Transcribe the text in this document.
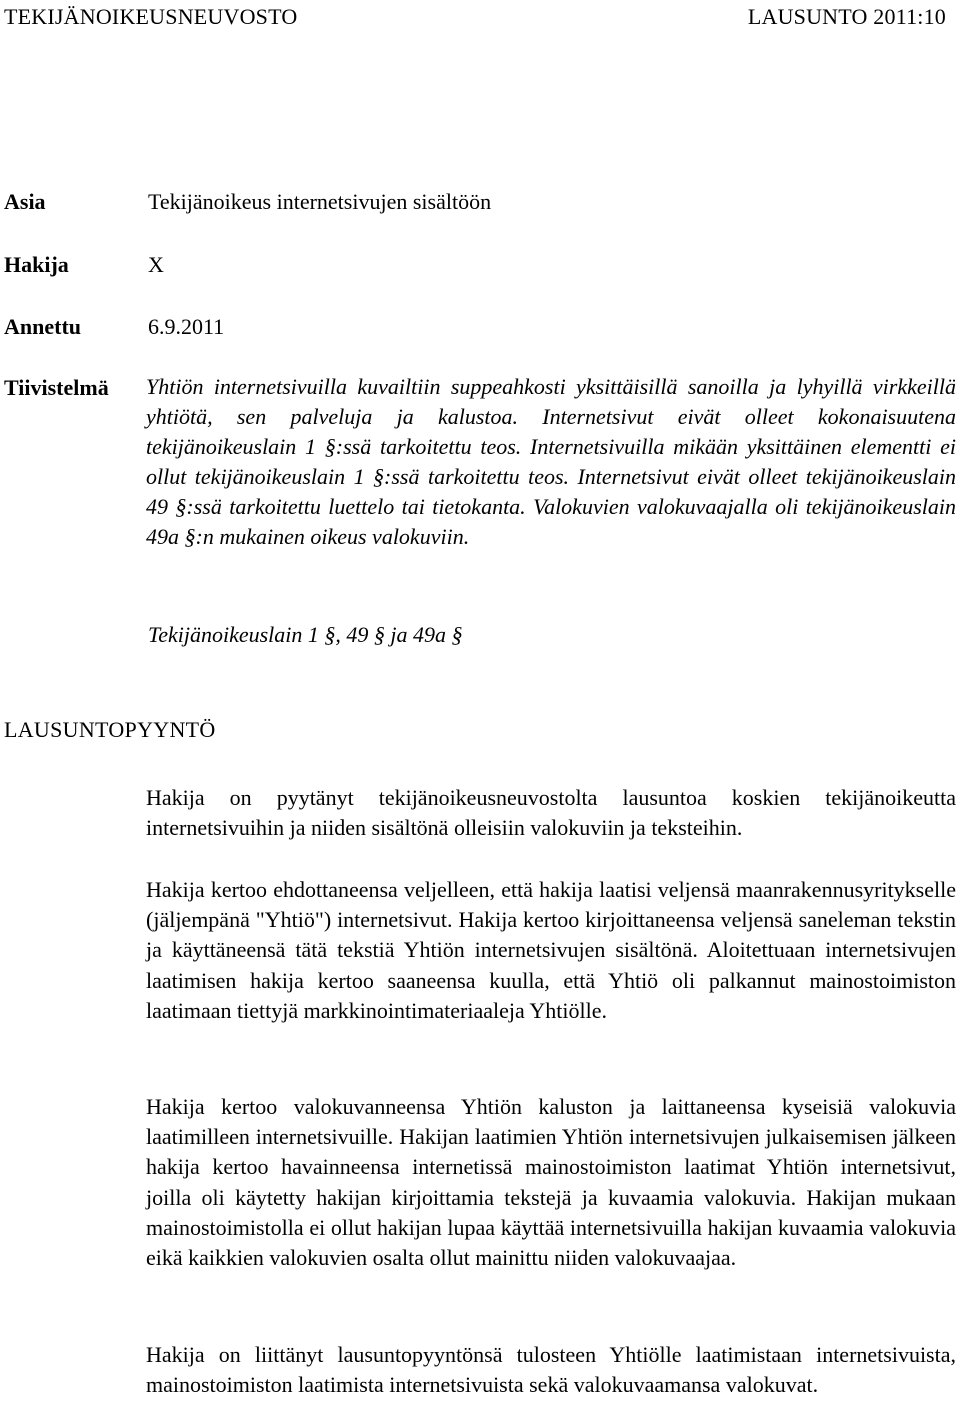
TEKIJÄNOIKEUSNEUVOSTO	LAUSUNTO 2011:10
Asia	Tekijänoikeus internetsivujen sisältöön
Hakija	X
Annettu	6.9.2011
Tiivistelmä Yhtiön internetsivuilla kuvailtiin suppeahkosti yksittäisillä sanoilla ja lyhyillä virkkeillä yhtiötä, sen palveluja ja kalustoa. Internetsivut eivät olleet kokonaisuutena tekijänoikeuslain 1 §:ssä tarkoitettu teos. Internetsivuilla mikään yksittäinen elementti ei ollut tekijänoikeuslain 1 §:ssä tarkoitettu teos. Internetsivut eivät olleet tekijänoikeuslain 49 §:ssä tarkoitettu luettelo tai tietokanta. Valokuvien valokuvaajalla oli tekijänoikeuslain 49a §:n mukainen oikeus valokuviin.
Tekijänoikeuslain 1 §, 49 § ja 49a §
LAUSUNTOPYYNTÖ
Hakija on pyytänyt tekijänoikeusneuvostolta lausuntoa koskien tekijänoikeutta internetsivuihin ja niiden sisältönä olleisiin valokuviin ja teksteihin.
Hakija kertoo ehdottaneensa veljelleen, että hakija laatisi veljensä maanrakennusyritykselle (jäljempänä "Yhtiö") internetsivut. Hakija kertoo kirjoittaneensa veljensä saneleman tekstin ja käyttäneensä tätä tekstiä Yhtiön internetsivujen sisältönä. Aloitettuaan internetsivujen laatimisen hakija kertoo saaneensa kuulla, että Yhtiö oli palkannut mainostoimiston laatimaan tiettyjä markkinointimateriaaleja Yhtiölle.
Hakija kertoo valokuvanneensa Yhtiön kaluston ja laittaneensa kyseisiä valokuvia laatimilleen internetsivuille. Hakijan laatimien Yhtiön internetsivujen julkaisemisen jälkeen hakija kertoo havainneensa internetissä mainostoimiston laatimat Yhtiön internetsivut, joilla oli käytetty hakijan kirjoittamia tekstejä ja kuvaamia valokuvia. Hakijan mukaan mainostoimistolla ei ollut hakijan lupaa käyttää internetsivuilla hakijan kuvaamia valokuvia eikä kaikkien valokuvien osalta ollut mainittu niiden valokuvaajaa.
Hakija on liittänyt lausuntopyyntönsä tulosteen Yhtiölle laatimistaan internetsivuista, mainostoimiston laatimista internetsivuista sekä valokuvaamansa valokuvat.
